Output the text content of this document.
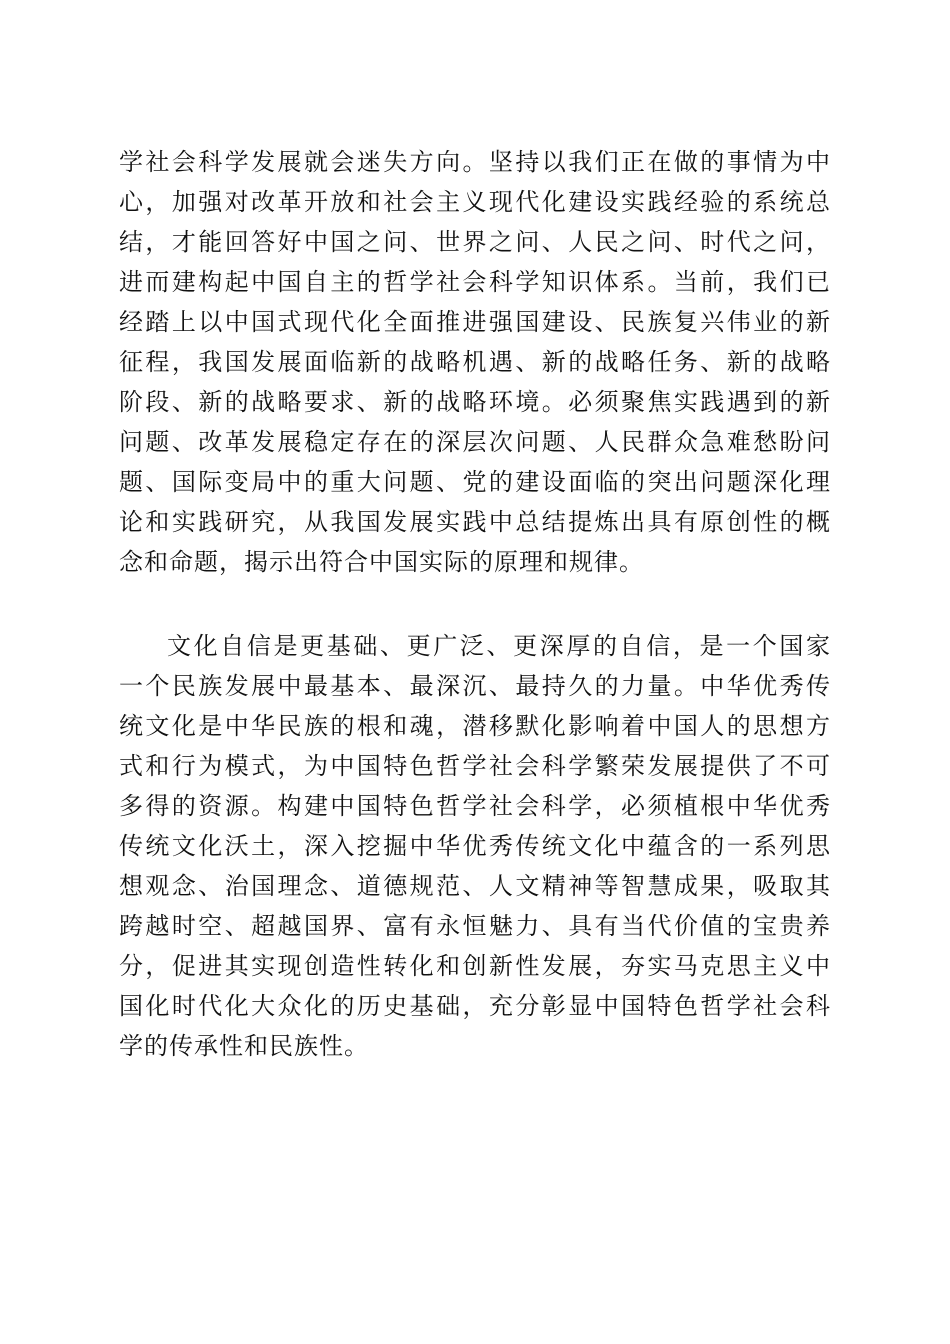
学社会科学发展就会迷失方向。坚持以我们正在做的事情为中
心，加强对改革开放和社会主义现代化建设实践经验的系统总
结，才能回答好中国之问、世界之问、人民之问、时代之问，
进而建构起中国自主的哲学社会科学知识体系。当前，我们已
经踏上以中国式现代化全面推进强国建设、民族复兴伟业的新
征程，我国发展面临新的战略机遇、新的战略任务、新的战略
阶段、新的战略要求、新的战略环境。必须聚焦实践遇到的新
问题、改革发展稳定存在的深层次问题、人民群众急难愁盼问
题、国际变局中的重大问题、党的建设面临的突出问题深化理
论和实践研究，从我国发展实践中总结提炼出具有原创性的概
念和命题，揭示出符合中国实际的原理和规律。
文化自信是更基础、更广泛、更深厚的自信，是一个国家
一个民族发展中最基本、最深沉、最持久的力量。中华优秀传
统文化是中华民族的根和魂，潜移默化影响着中国人的思想方
式和行为模式，为中国特色哲学社会科学繁荣发展提供了不可
多得的资源。构建中国特色哲学社会科学，必须植根中华优秀
传统文化沃土，深入挖掘中华优秀传统文化中蕴含的一系列思
想观念、治国理念、道德规范、人文精神等智慧成果，吸取其
跨越时空、超越国界、富有永恒魅力、具有当代价值的宝贵养
分，促进其实现创造性转化和创新性发展，夯实马克思主义中
国化时代化大众化的历史基础，充分彰显中国特色哲学社会科
学的传承性和民族性。
